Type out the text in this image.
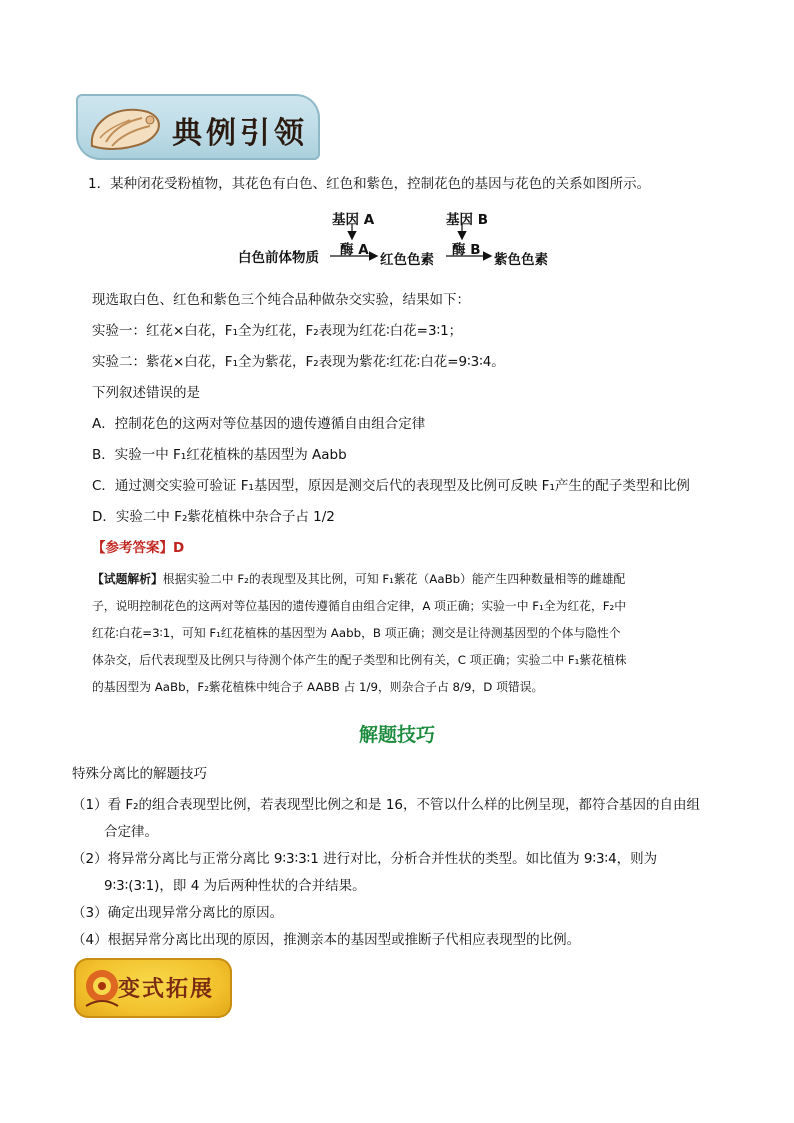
典例引领
1．某种闭花受粉植物，其花色有白色、红色和紫色，控制花色的基因与花色的关系如图所示。
基因 A	基因 B
酶 A	酶 B
白色前体物质	红色色素	紫色色素
现选取白色、红色和紫色三个纯合品种做杂交实验，结果如下：
实验一：红花×白花，F₁全为红花，F₂表现为红花∶白花=3∶1；
实验二：紫花×白花，F₁全为紫花，F₂表现为紫花∶红花∶白花=9∶3∶4。
下列叙述错误的是
A．控制花色的这两对等位基因的遗传遵循自由组合定律
B．实验一中 F₁红花植株的基因型为 Aabb
C．通过测交实验可验证 F₁基因型，原因是测交后代的表现型及比例可反映 F₁产生的配子类型和比例
D．实验二中 F₂紫花植株中杂合子占 1/2
【参考答案】D
【试题解析】根据实验二中 F₂的表现型及其比例，可知 F₁紫花（AaBb）能产生四种数量相等的雌雄配
子，说明控制花色的这两对等位基因的遗传遵循自由组合定律，A 项正确；实验一中 F₁全为红花，F₂中
红花∶白花=3∶1，可知 F₁红花植株的基因型为 Aabb，B 项正确；测交是让待测基因型的个体与隐性个
体杂交，后代表现型及比例只与待测个体产生的配子类型和比例有关，C 项正确；实验二中 F₁紫花植株
的基因型为 AaBb，F₂紫花植株中纯合子 AABB 占 1/9，则杂合子占 8/9，D 项错误。
解题技巧
特殊分离比的解题技巧
（1）看 F₂的组合表现型比例，若表现型比例之和是 16，不管以什么样的比例呈现，都符合基因的自由组
合定律。
（2）将异常分离比与正常分离比 9∶3∶3∶1 进行对比，分析合并性状的类型。如比值为 9∶3∶4，则为
9∶3∶(3∶1)，即 4 为后两种性状的合并结果。
（3）确定出现异常分离比的原因。
（4）根据异常分离比出现的原因，推测亲本的基因型或推断子代相应表现型的比例。
变式拓展
